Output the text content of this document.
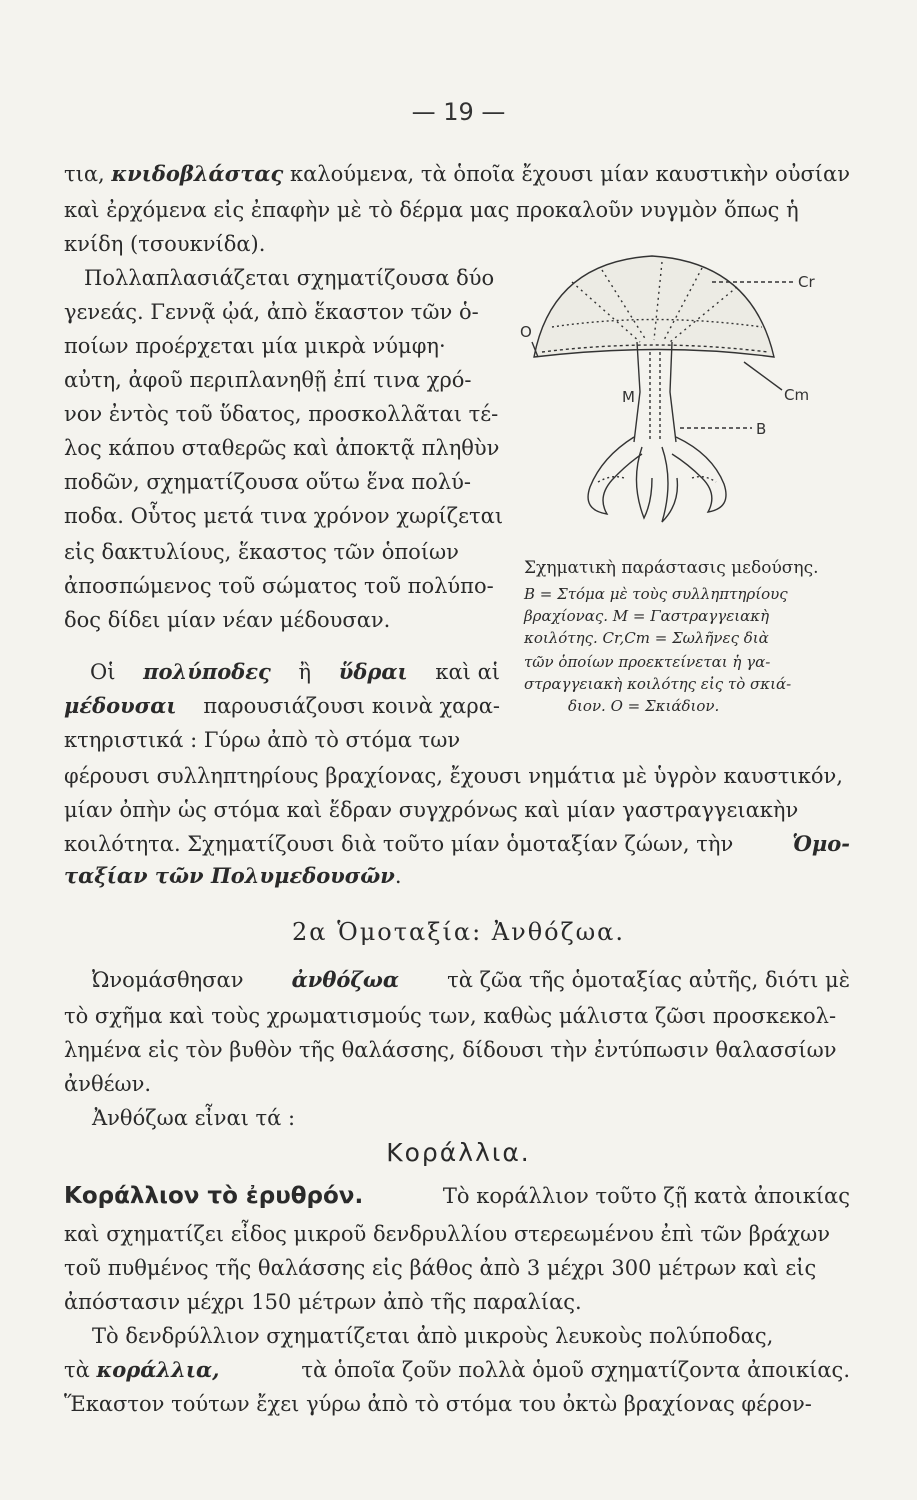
— 19 —
τια, κνιδοβλάστας καλούμενα, τὰ ὁποῖα ἔχουσι μίαν καυστικὴν οὐσίαν
καὶ ἐρχόμενα εἰς ἐπαφὴν μὲ τὸ δέρμα μας προκαλοῦν νυγμὸν ὅπως ἡ
κνίδη (τσουκνίδα).
Πολλαπλασιάζεται σχηματίζουσα δύο
γενεάς. Γεννᾷ ᾠά, ἀπὸ ἕκαστον τῶν ὁ-
ποίων προέρχεται μία μικρὰ νύμφη·
αὐτη, ἀφοῦ περιπλανηθῇ ἐπί τινα χρό-
νον ἐντὸς τοῦ ὕδατος, προσκολλᾶται τέ-
λος κάπου σταθερῶς καὶ ἀποκτᾷ πληθὺν
ποδῶν, σχηματίζουσα οὕτω ἕνα πολύ-
ποδα. Οὗτος μετά τινα χρόνον χωρίζεται
εἰς δακτυλίους, ἕκαστος τῶν ὁποίων
ἀποσπώμενος τοῦ σώματος τοῦ πολύπο-
δος δίδει μίαν νέαν μέδουσαν.
Οἱ πολύποδες ἢ ὕδραι καὶ αἱ
μέδουσαι παρουσιάζουσι κοινὰ χαρα-
κτηριστικά : Γύρω ἀπὸ τὸ στόμα των
φέρουσι συλληπτηρίους βραχίονας, ἔχουσι νημάτια μὲ ὑγρὸν καυστικόν,
μίαν ὀπὴν ὡς στόμα καὶ ἕδραν συγχρόνως καὶ μίαν γαστραγγειακὴν
κοιλότητα. Σχηματίζουσι διὰ τοῦτο μίαν ὁμοταξίαν ζώων, τὴν	Ὁμο-
ταξίαν τῶν Πολυμεδουσῶν .
Cr
O
M	Cm
B
Σχηματικὴ παράστασις μεδούσης.
B = Στόμα μὲ τοὺς συλληπτηρίους
βραχίονας. M = Γαστραγγειακὴ
κοιλότης. Cr,Cm = Σωλῆνες διὰ
τῶν ὁποίων προεκτείνεται ἡ γα-
στραγγειακὴ κοιλότης εἰς τὸ σκιά-
διον. O = Σκιάδιον.
2α Ὁμοταξία: Ἀνθόζωα.
Ὠνομάσθησαν ἀνθόζωα τὰ ζῶα τῆς ὁμοταξίας αὐτῆς, διότι μὲ
τὸ σχῆμα καὶ τοὺς χρωματισμούς των, καθὼς μάλιστα ζῶσι προσκεκολ-
λημένα εἰς τὸν βυθὸν τῆς θαλάσσης, δίδουσι τὴν ἐντύπωσιν θαλασσίων
ἀνθέων.
Ἀνθόζωα εἶναι τά :
Κοράλλια.
Κοράλλιον τὸ ἐρυθρόν.	Τὸ κοράλλιον τοῦτο ζῇ κατὰ ἀποικίας
καὶ σχηματίζει εἶδος μικροῦ δενδρυλλίου στερεωμένου ἐπὶ τῶν βράχων
τοῦ πυθμένος τῆς θαλάσσης εἰς βάθος ἀπὸ 3 μέχρι 300 μέτρων καὶ εἰς
ἀπόστασιν μέχρι 150 μέτρων ἀπὸ τῆς παραλίας.
Τὸ δενδρύλλιον σχηματίζεται ἀπὸ μικροὺς λευκοὺς πολύποδας,
τὰ κοράλλια,	τὰ ὁποῖα ζοῦν πολλὰ ὁμοῦ σχηματίζοντα ἀποικίας.
Ἕκαστον τούτων ἔχει γύρω ἀπὸ τὸ στόμα του ὀκτὼ βραχίονας φέρον-
